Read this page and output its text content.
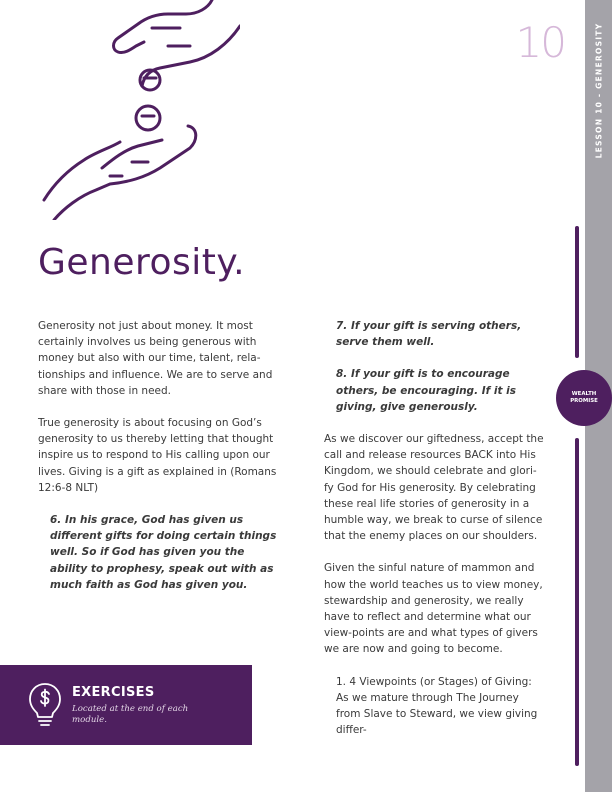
LESSON 10 - GENEROSITY
10
WEALTH
PROMISE
Generosity.

Generosity not just about money. It most certainly involves us being generous with money but also with our time, talent, rela-tionships and influence. We are to serve and share with those in need.

True generosity is about focusing on God’s generosity to us thereby letting that thought inspire us to respond to His calling upon our lives. Giving is a gift as explained in (Romans 12:6-8 NLT)

6. In his grace, God has given us different gifts for doing certain things well. So if God has given you the ability to prophesy, speak out with as much faith as God has given you.

7. If your gift is serving others, serve them well.

8. If your gift is to encourage others, be encouraging. If it is giving, give generously.

As we discover our giftedness, accept the call and release resources BACK into His Kingdom, we should celebrate and glori-fy God for His generosity. By celebrating these real life stories of generosity in a humble way, we break to curse of silence that the enemy places on our shoulders.

Given the sinful nature of mammon and how the world teaches us to view money, stewardship and generosity, we really have to reflect and determine what our view-points are and what types of givers we are now and going to become.

1. 4 Viewpoints (or Stages) of Giving: As we mature through The Journey from Slave to Steward, we view giving differ-

EXERCISES
Located at the end of each module.
